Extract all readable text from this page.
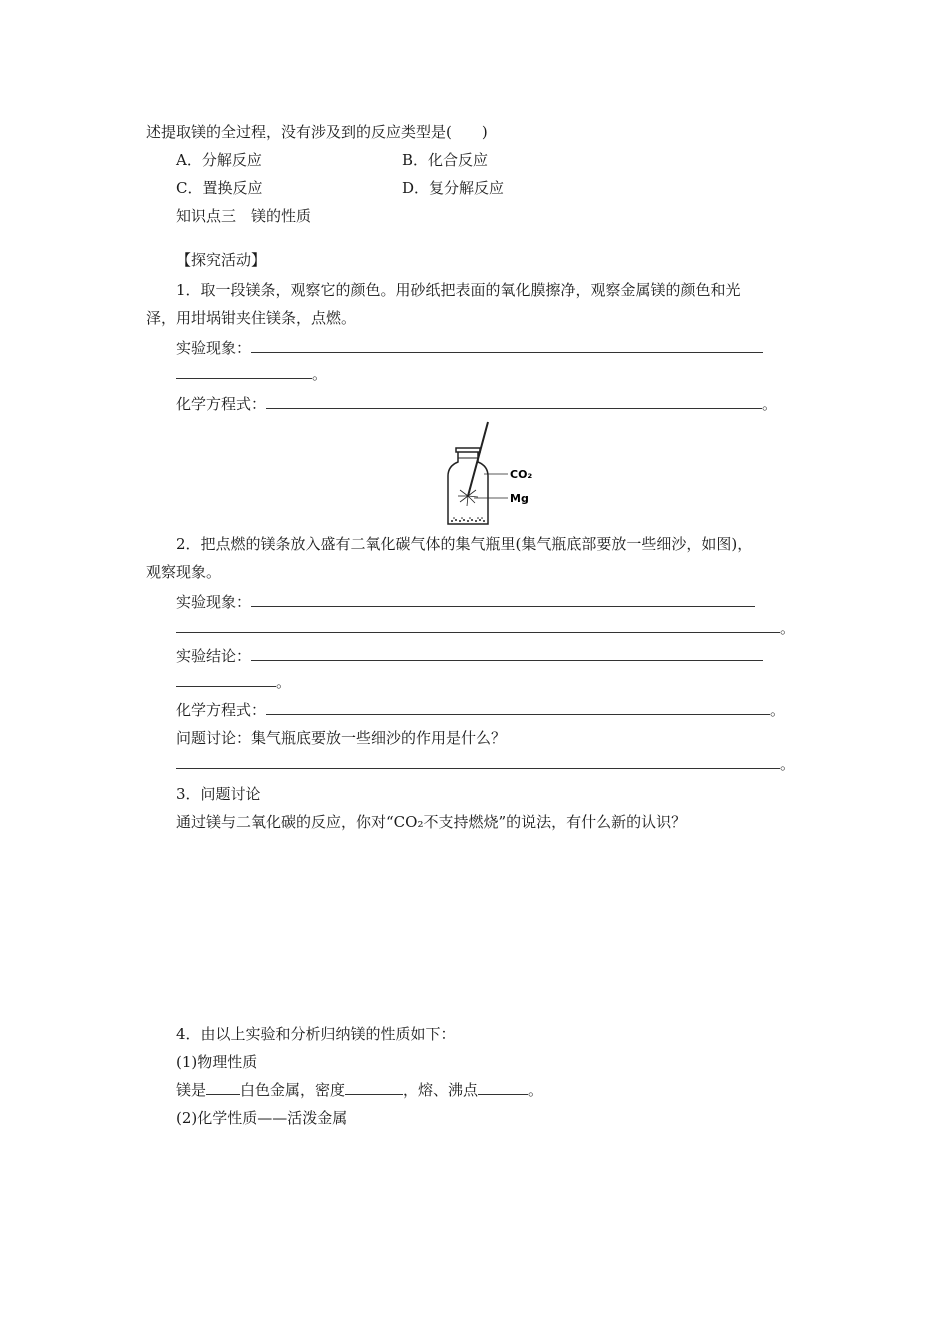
述提取镁的全过程，没有涉及到的反应类型是(　　)
A．分解反应	B．化合反应
C．置换反应	D．复分解反应
知识点三　镁的性质
【探究活动】
1．取一段镁条，观察它的颜色。用砂纸把表面的氧化膜擦净，观察金属镁的颜色和光
泽，用坩埚钳夹住镁条，点燃。
实验现象：
。
化学方程式：	。
CO₂
Mg
2．把点燃的镁条放入盛有二氧化碳气体的集气瓶里(集气瓶底部要放一些细沙，如图)，
观察现象。
实验现象：
。
实验结论：
。
化学方程式：	。
问题讨论：集气瓶底要放一些细沙的作用是什么？
。
3．问题讨论
通过镁与二氧化碳的反应，你对“CO₂不支持燃烧”的说法，有什么新的认识？
4．由以上实验和分析归纳镁的性质如下：
(1)物理性质
镁是 白色金属，密度	，熔、沸点	。
(2)化学性质——活泼金属
